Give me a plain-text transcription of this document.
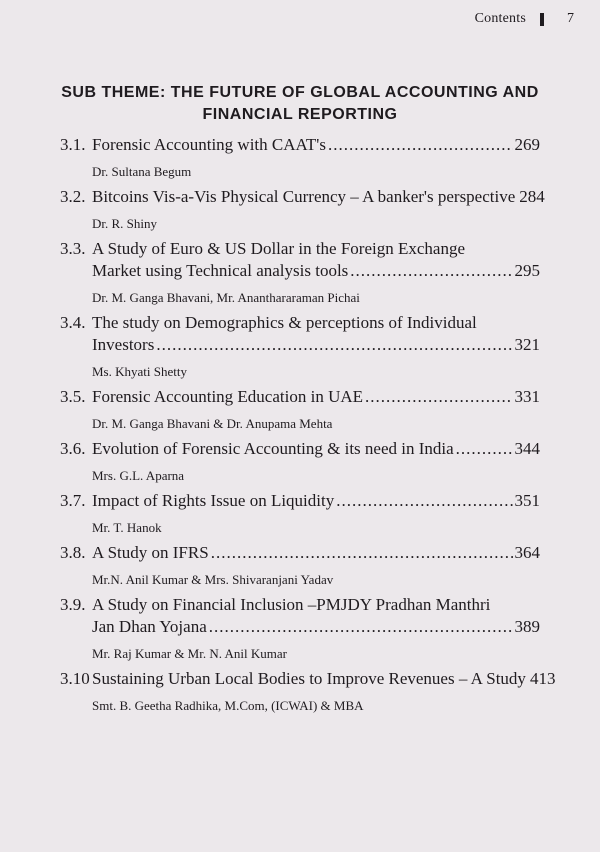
Contents	7
SUB THEME: THE FUTURE OF GLOBAL ACCOUNTING AND FINANCIAL REPORTING
3.1. Forensic Accounting with CAAT's .....	269
Dr. Sultana Begum
3.2. Bitcoins Vis-a-Vis Physical Currency – A banker's perspective 284
Dr. R. Shiny
3.3. A Study of Euro & US Dollar in the Foreign Exchange
Market using Technical analysis tools .....	295
Dr. M. Ganga Bhavani, Mr. Ananthararaman Pichai
3.4. The study on Demographics & perceptions of Individual
Investors .....	321
Ms. Khyati Shetty
3.5. Forensic Accounting Education in UAE .....	331
Dr. M. Ganga Bhavani & Dr. Anupama Mehta
3.6. Evolution of Forensic Accounting & its need in India .....	344
Mrs. G.L. Aparna
3.7. Impact of Rights Issue on Liquidity .....	351
Mr. T. Hanok
3.8. A Study on IFRS .....	364
Mr.N. Anil Kumar & Mrs. Shivaranjani Yadav
3.9. A Study on Financial Inclusion –PMJDY Pradhan Manthri
Jan Dhan Yojana .....	389
Mr. Raj Kumar & Mr. N. Anil Kumar
3.10 Sustaining Urban Local Bodies to Improve Revenues – A Study 413
Smt. B. Geetha Radhika, M.Com, (ICWAI) & MBA
